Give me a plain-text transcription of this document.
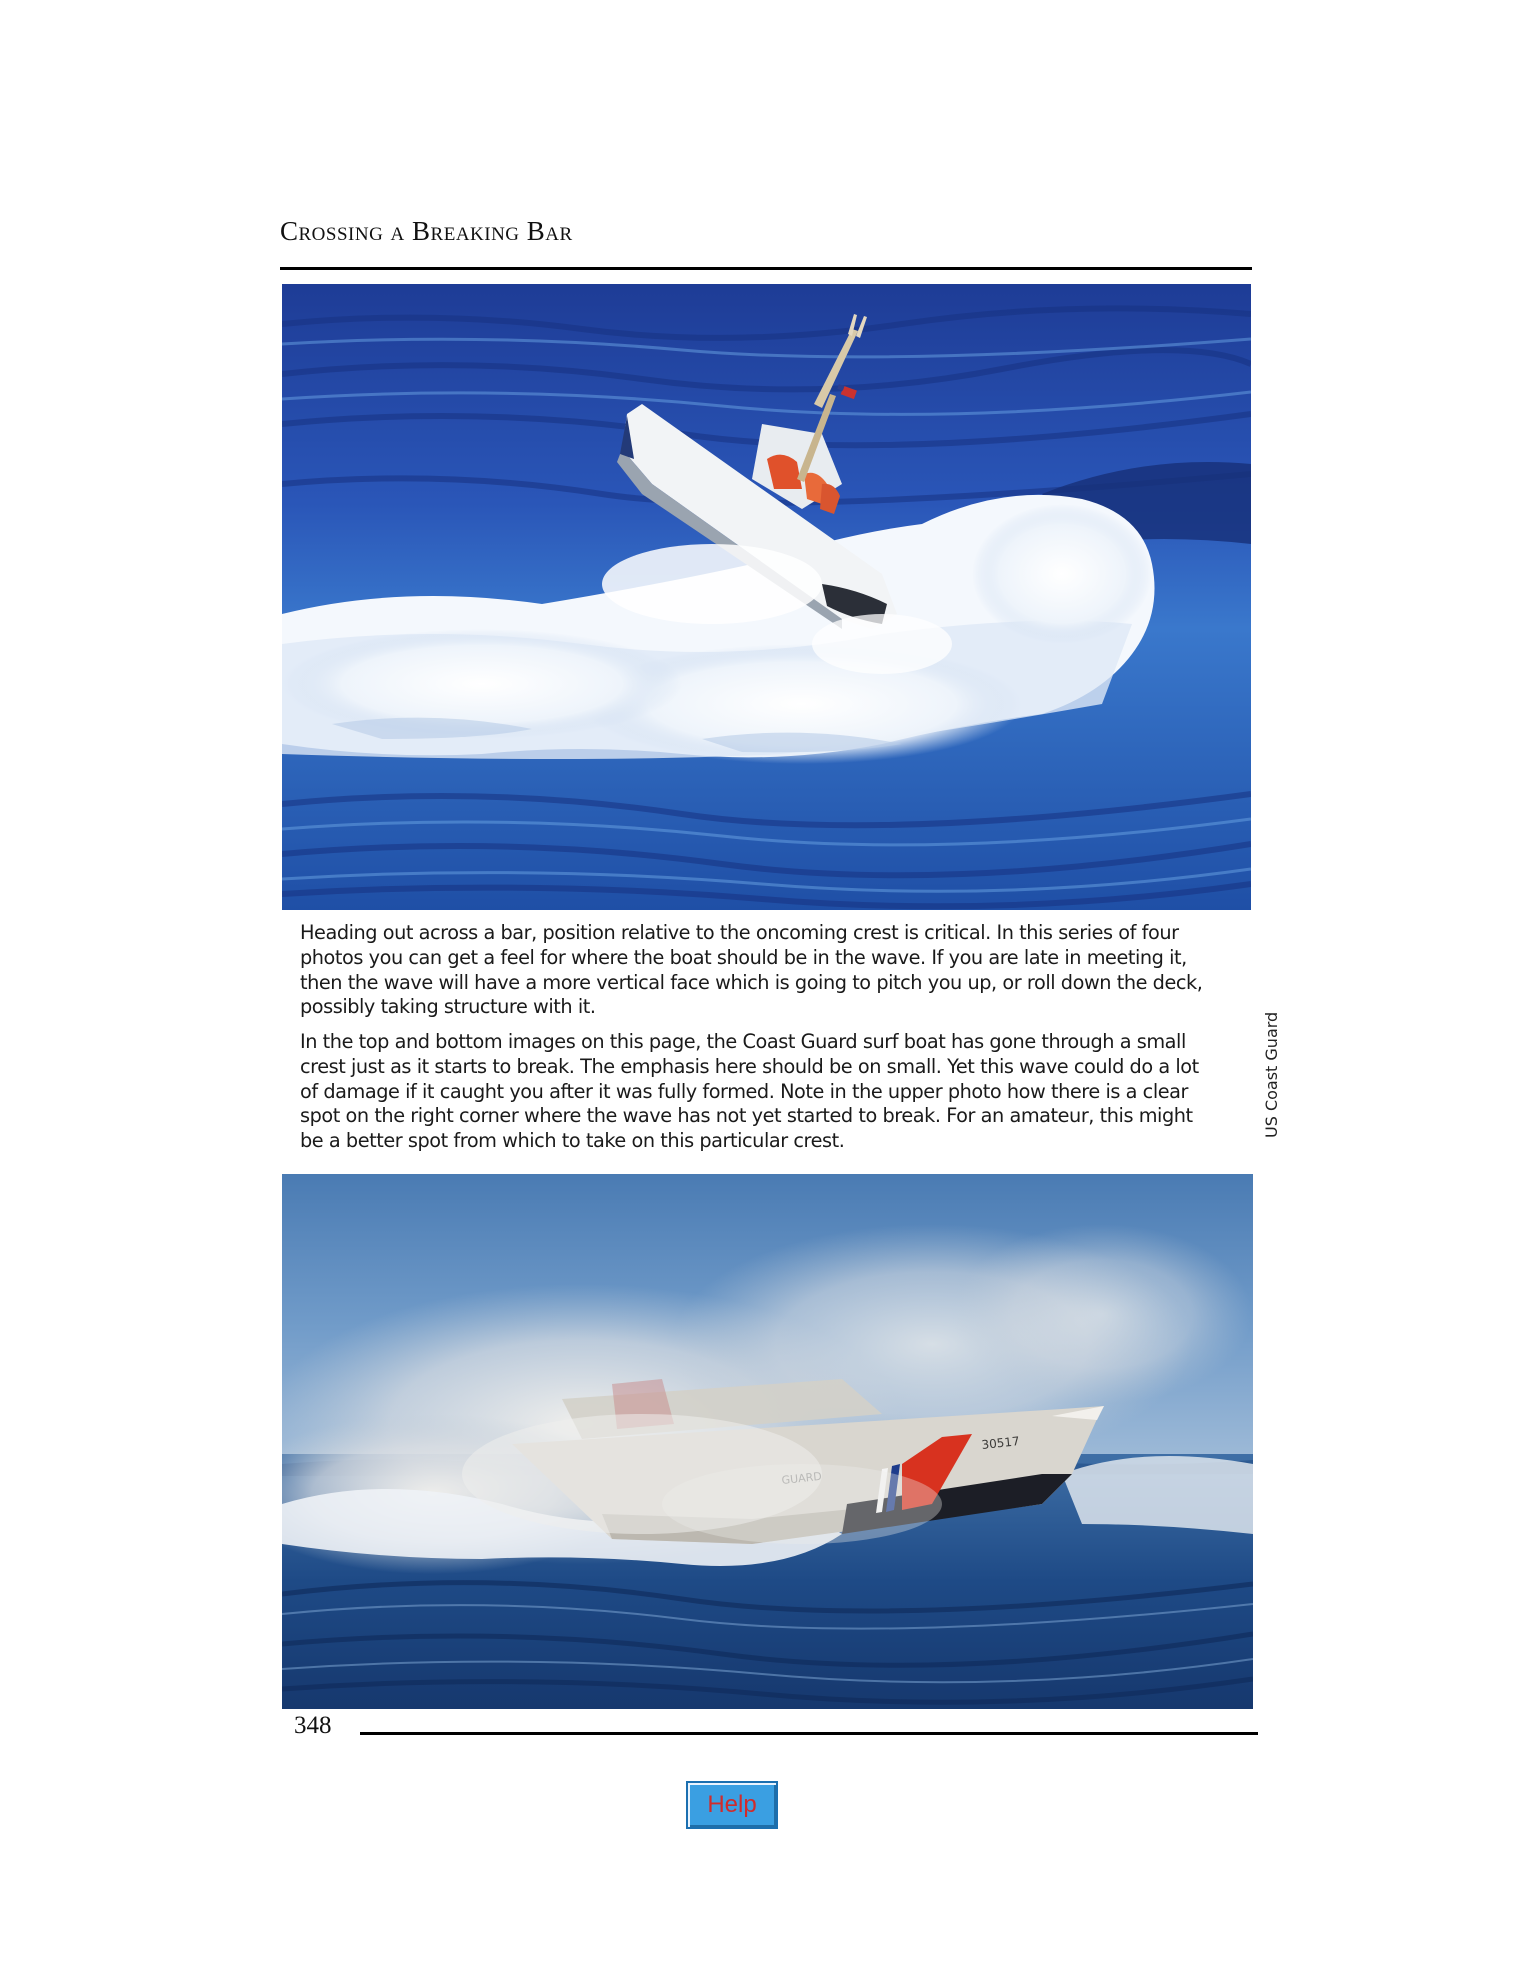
Crossing a Breaking Bar

Heading out across a bar, position relative to the oncoming crest is critical. In this series of four photos you can get a feel for where the boat should be in the wave. If you are late in meeting it, then the wave will have a more vertical face which is going to pitch you up, or roll down the deck, possibly taking structure with it.

In the top and bottom images on this page, the Coast Guard surf boat has gone through a small crest just as it starts to break. The emphasis here should be on small. Yet this wave could do a lot of damage if it caught you after it was fully formed. Note in the upper photo how there is a clear spot on the right corner where the wave has not yet started to break. For an amateur, this might be a better spot from which to take on this particular crest.

US Coast Guard
30517
348
Help
